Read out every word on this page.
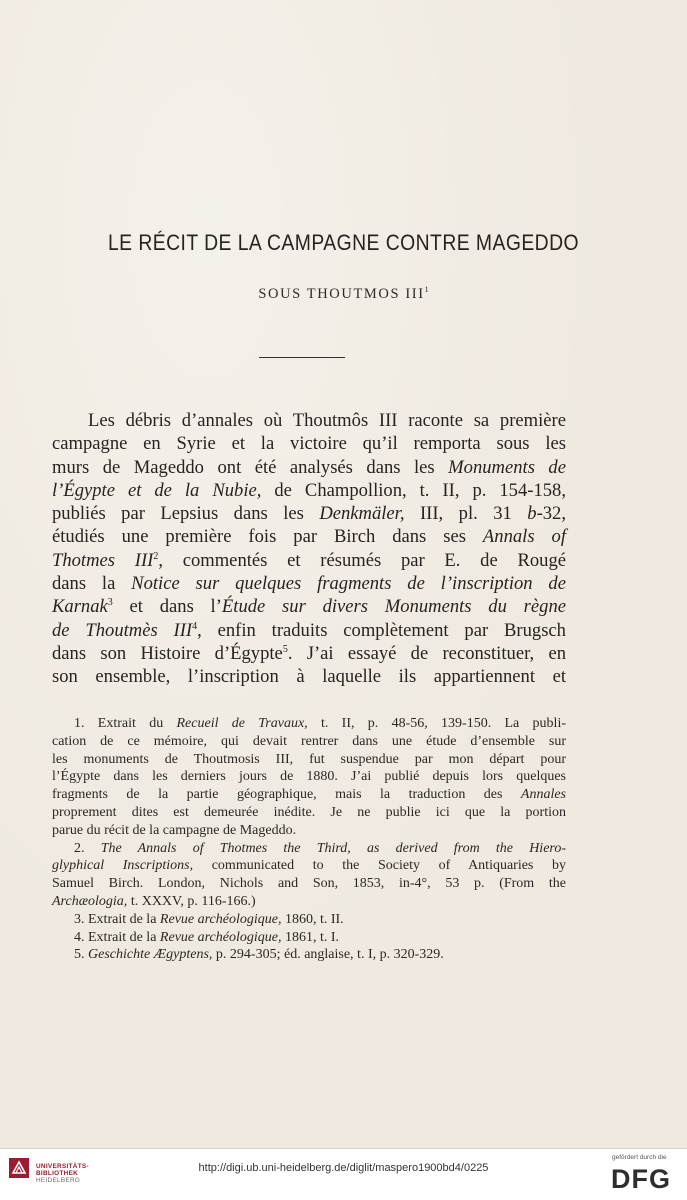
LE RÉCIT DE LA CAMPAGNE CONTRE MAGEDDO
SOUS THOUTMOS III$^1$
Les débris d’annales où Thoutmôs III raconte sa première
campagne en Syrie et la victoire qu’il remporta sous les
murs de Mageddo ont été analysés dans les Monuments de
l’Égypte et de la Nubie, de Champollion, t. II, p. 154-158,
publiés par Lepsius dans les Denkmäler, III, pl. 31 b-32,
étudiés une première fois par Birch dans ses Annals of
Thotmes III$^2$, commentés et résumés par E. de Rougé
dans la Notice sur quelques fragments de l’inscription de
Karnak$^3$ et dans l’Étude sur divers Monuments du règne
de Thoutmès III$^4$, enfin traduits complètement par Brugsch
dans son Histoire d’Égypte$^5$. J’ai essayé de reconstituer, en
son ensemble, l’inscription à laquelle ils appartiennent et
1. Extrait du Recueil de Travaux, t. II, p. 48-56, 139-150. La publi-
cation de ce mémoire, qui devait rentrer dans une étude d’ensemble sur
les monuments de Thoutmosis III, fut suspendue par mon départ pour
l’Égypte dans les derniers jours de 1880. J’ai publié depuis lors quelques
fragments de la partie géographique, mais la traduction des Annales
proprement dites est demeurée inédite. Je ne publie ici que la portion
parue du récit de la campagne de Mageddo.
2. The Annals of Thotmes the Third, as derived from the Hiero-
glyphical Inscriptions, communicated to the Society of Antiquaries by
Samuel Birch. London, Nichols and Son, 1853, in-4°, 53 p. (From the
Archæologia, t. XXXV, p. 116-166.)
3. Extrait de la Revue archéologique, 1860, t. II.
4. Extrait de la Revue archéologique, 1861, t. I.
5. Geschichte Ægyptens, p. 294-305; éd. anglaise, t. I, p. 320-329.
UNIVERSITÄTS-
BIBLIOTHEK
HEIDELBERG
http://digi.ub.uni-heidelberg.de/diglit/maspero1900bd4/0225
gefördert durch die
DFG
